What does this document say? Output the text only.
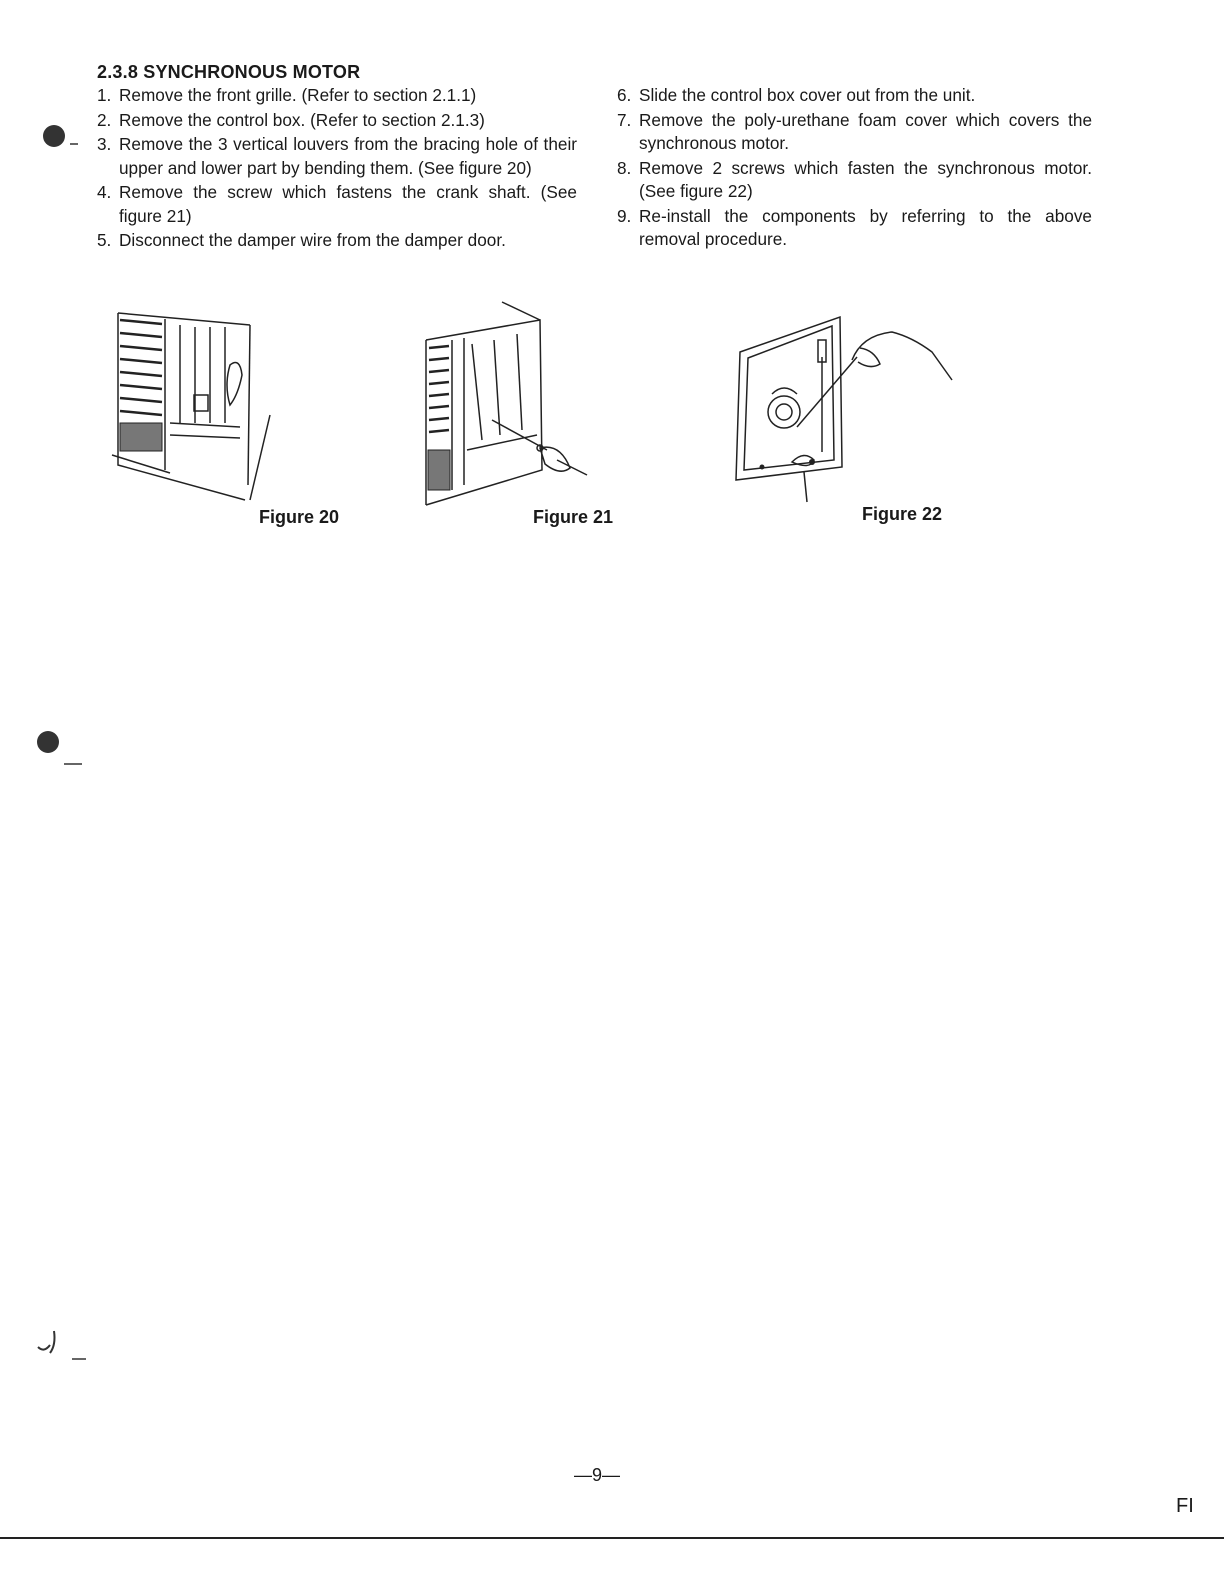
2.3.8 SYNCHRONOUS MOTOR
1. Remove the front grille. (Refer to section 2.1.1)
2. Remove the control box. (Refer to section 2.1.3)
3. Remove the 3 vertical louvers from the bracing hole of their upper and lower part by bending them. (See figure 20)
4. Remove the screw which fastens the crank shaft. (See figure 21)
5. Disconnect the damper wire from the damper door.
6. Slide the control box cover out from the unit.
7. Remove the poly-urethane foam cover which covers the synchronous motor.
8. Remove 2 screws which fasten the synchronous motor. (See figure 22)
9. Re-install the components by referring to the above removal procedure.
Figure 20	Figure 21	Figure 22
—9—
FI
